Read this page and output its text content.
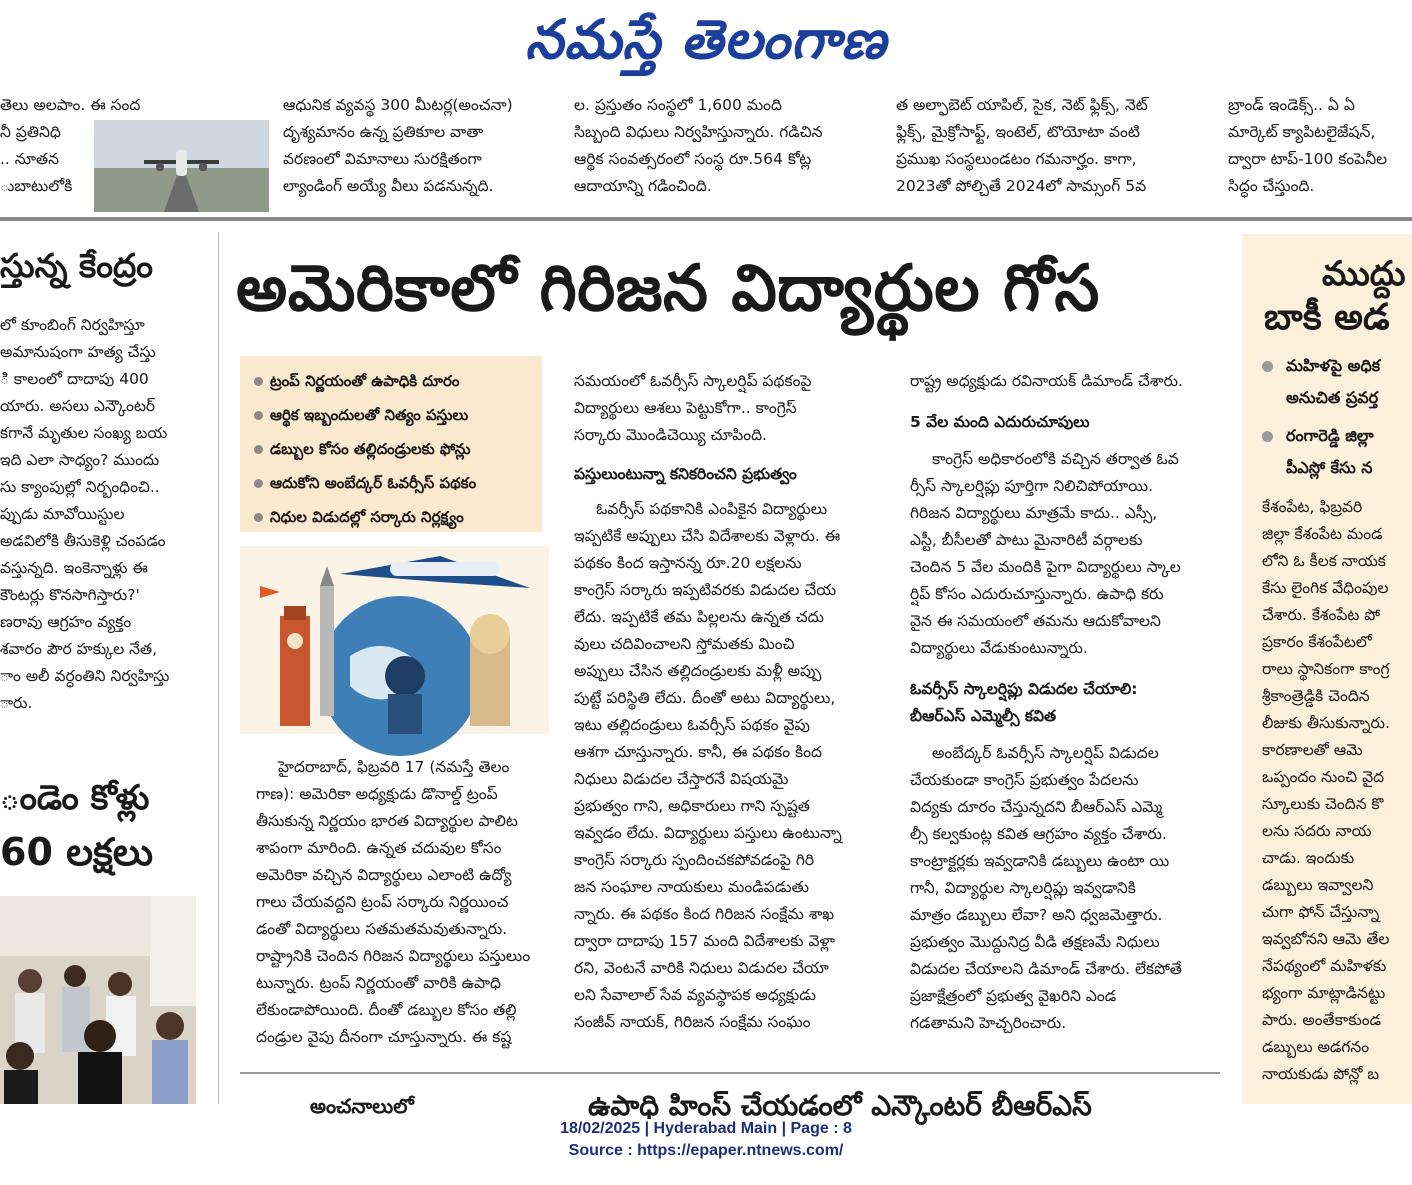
నమస్తే తెలంగాణ

తెలు అలపాం. ఈ సంద

నీ ప్రతినిధి

.. నూతన

ుబాటులోకి

ఆధునిక వ్యవస్థ 300 మీటర్ల(అంచనా)

దృశ్యమానం ఉన్న ప్రతికూల వాతా

వరణంలో విమానాలు సురక్షితంగా

ల్యాండింగ్ అయ్యే వీలు పడనున్నది.

ల. ప్రస్తుతం సంస్థలో 1,600 మంది

సిబ్బంది విధులు నిర్వహిస్తున్నారు. గడిచిన

ఆర్థిక సంవత్సరంలో సంస్థ రూ.564 కోట్ల

ఆదాయాన్ని గడించింది.

త అల్ఫాబెట్ యాపిల్, సైక, నెట్ ఫ్లిక్స్, నెట్

ఫ్లిక్స్, మైక్రోసాఫ్ట్, ఇంటెల్, టొయోటా వంటి

ప్రముఖ సంస్థలుండటం గమనార్హం. కాగా,

2023తో పోల్చితే 2024లో సామ్సంగ్ 5వ

బ్రాండ్ ఇండెక్స్.. ఏ ఏ

మార్కెట్ క్యాపిటలైజేషన్,

ద్వారా టాప్-100 కంపెనీల

సిద్ధం చేస్తుంది.

స్తున్న కేంద్రం

లో కూంబింగ్ నిర్వహిస్తూ

అమానుషంగా హత్య చేస్తు

ి కాలంలో దాదాపు 400

యారు. అసలు ఎన్కౌంటర్

కగానే మృతుల సంఖ్య బయ

ఇది ఎలా సాధ్యం? ముందు

సు క్యాంపుల్లో నిర్బంధించి..

ప్పుడు మావోయిస్టుల

అడవిలోకి తీసుకెళ్లి చంపడం

వస్తున్నది. ఇంకెన్నాళ్లు ఈ

కౌంటర్లు కొనసాగిస్తారు?'

ణరావు ఆగ్రహం వ్యక్తం

శవారం పౌర హక్కుల నేత,

ాం అలీ వర్ధంతిని నిర్వహిస్తు

ారు.

ండెం కోళ్లు
60 లక్షలు
అమెరికాలో గిరిజన విద్యార్థుల గోస
ట్రంప్ నిర్ణయంతో ఉపాధికి దూరం
ఆర్థిక ఇబ్బందులతో నిత్యం పస్తులు
డబ్బుల కోసం తల్లిదండ్రులకు ఫోన్లు
ఆదుకోని అంబేద్కర్ ఓవర్సీస్ పథకం
నిధుల విడుదల్లో సర్కారు నిర్లక్ష్యం

హైదరాబాద్, ఫిబ్రవరి 17 (నమస్తే తెలం

గాణ): అమెరికా అధ్యక్షుడు డొనాల్డ్ ట్రంప్

తీసుకున్న నిర్ణయం భారత విద్యార్థుల పాలిట

శాపంగా మారింది. ఉన్నత చదువుల కోసం

అమెరికా వచ్చిన విద్యార్థులు ఎలాంటి ఉద్యో

గాలు చేయవద్దని ట్రంప్ సర్కారు నిర్ణయించ

డంతో విద్యార్థులు సతమతమవుతున్నారు.

రాష్ట్రానికి చెందిన గిరిజన విద్యార్థులు పస్తులుం

టున్నారు. ట్రంప్ నిర్ణయంతో వారికి ఉపాధి

లేకుండాపోయింది. దీంతో డబ్బుల కోసం తల్లి

దండ్రుల వైపు దీనంగా చూస్తున్నారు. ఈ కష్ట

సమయంలో ఓవర్సీస్ స్కాలర్షిప్ పథకంపై

విద్యార్థులు ఆశలు పెట్టుకోగా.. కాంగ్రెస్

సర్కారు మొండిచెయ్యి చూపింది.

పస్తులుంటున్నా కనికరించని ప్రభుత్వం

ఓవర్సీస్ పథకానికి ఎంపికైన విద్యార్థులు

ఇప్పటికే అప్పులు చేసి విదేశాలకు వెళ్లారు. ఈ

పథకం కింద ఇస్తానన్న రూ.20 లక్షలను

కాంగ్రెస్ సర్కారు ఇప్పటివరకు విడుదల చేయ

లేదు. ఇప్పటికే తమ పిల్లలను ఉన్నత చదు

వులు చదివించాలని స్తోమతకు మించి

అప్పులు చేసిన తల్లిదండ్రులకు మళ్లీ అప్పు

పుట్టే పరిస్థితి లేదు. దీంతో అటు విద్యార్థులు,

ఇటు తల్లిదండ్రులు ఓవర్సీస్ పథకం వైపు

ఆశగా చూస్తున్నారు. కానీ, ఈ పథకం కింద

నిధులు విడుదల చేస్తారనే విషయమై

ప్రభుత్వం గాని, అధికారులు గాని స్పష్టత

ఇవ్వడం లేదు. విద్యార్థులు పస్తులు ఉంటున్నా

కాంగ్రెస్ సర్కారు స్పందించకపోవడంపై గిరి

జన సంఘాల నాయకులు మండిపడుతు

న్నారు. ఈ పథకం కింద గిరిజన సంక్షేమ శాఖ

ద్వారా దాదాపు 157 మంది విదేశాలకు వెళ్లా

రని, వెంటనే వారికి నిధులు విడుదల చేయా

లని సేవాలాల్ సేవ వ్యవస్థాపక అధ్యక్షుడు

సంజీవ్ నాయక్, గిరిజన సంక్షేమ సంఘం

రాష్ట్ర అధ్యక్షుడు రవినాయక్ డిమాండ్ చేశారు.

5 వేల మంది ఎదురుచూపులు

కాంగ్రెస్ అధికారంలోకి వచ్చిన తర్వాత ఓవ

ర్సీస్ స్కాలర్షిప్లు పూర్తిగా నిలిచిపోయాయి.

గిరిజన విద్యార్థులు మాత్రమే కాదు.. ఎస్సీ,

ఎస్టీ, బీసీలతో పాటు మైనారిటీ వర్గాలకు

చెందిన 5 వేల మందికి పైగా విద్యార్థులు స్కాల

ర్షిప్ కోసం ఎదురుచూస్తున్నారు. ఉపాధి కరు

వైన ఈ సమయంలో తమను ఆదుకోవాలని

విద్యార్థులు వేడుకుంటున్నారు.

ఓవర్సీస్ స్కాలర్షిప్లు విడుదల చేయాలి:

బీఆర్ఎస్ ఎమ్మెల్సీ కవిత

అంబేద్కర్ ఓవర్సీస్ స్కాలర్షిప్ విడుదల

చేయకుండా కాంగ్రెస్ ప్రభుత్వం పేదలను

విద్యకు దూరం చేస్తున్నదని బీఆర్ఎస్ ఎమ్మె

ల్సీ కల్వకుంట్ల కవిత ఆగ్రహం వ్యక్తం చేశారు.

కాంట్రాక్టర్లకు ఇవ్వడానికి డబ్బులు ఉంటా యి

గానీ, విద్యార్థుల స్కాలర్షిప్లు ఇవ్వడానికి

మాత్రం డబ్బులు లేవా? అని ధ్వజమెత్తారు.

ప్రభుత్వం మొద్దునిద్ర వీడి తక్షణమే నిధులు

విడుదల చేయాలని డిమాండ్ చేశారు. లేకపోతే

ప్రజాక్షేత్రంలో ప్రభుత్వ వైఖరిని ఎండ

గడతామని హెచ్చరించారు.

అంచనాలులో	ఉపాధి హింస్ చేయడంలో ఎన్కౌంటర్ బీఆర్ఎస్
ముద్దు
బాకీ అడ
మహిళపై అధిక
అనుచిత ప్రవర్త
రంగారెడ్డి జిల్లా
పీఎస్లో కేసు న

కేశంపేట, ఫిబ్రవరి

జిల్లా కేశంపేట మండ

లోని ఓ కీలక నాయక

కేసు లైంగిక వేధింపుల

చేశారు. కేశంపేట పో

ప్రకారం కేశంపేటలో

రాలు స్థానికంగా కాంగ్ర

శ్రీకాంత్రెడ్డికి చెందిన

లీజుకు తీసుకున్నారు.

కారణాలతో ఆమె

ఒప్పందం నుంచి వైద

స్కూలుకు చెందిన కొ

లను సదరు నాయ

చాడు. ఇందుకు

డబ్బులు ఇవ్వాలని

చుగా ఫోన్ చేస్తున్నా

ఇవ్వబోనని ఆమె తేల

నేపథ్యంలో మహిళకు

భ్యంగా మాట్లాడినట్టు

పారు. అంతేకాకుండ

డబ్బులు అడగనం

నాయకుడు పోన్లో బ

18/02/2025 | Hyderabad Main | Page : 8
Source : https://epaper.ntnews.com/
